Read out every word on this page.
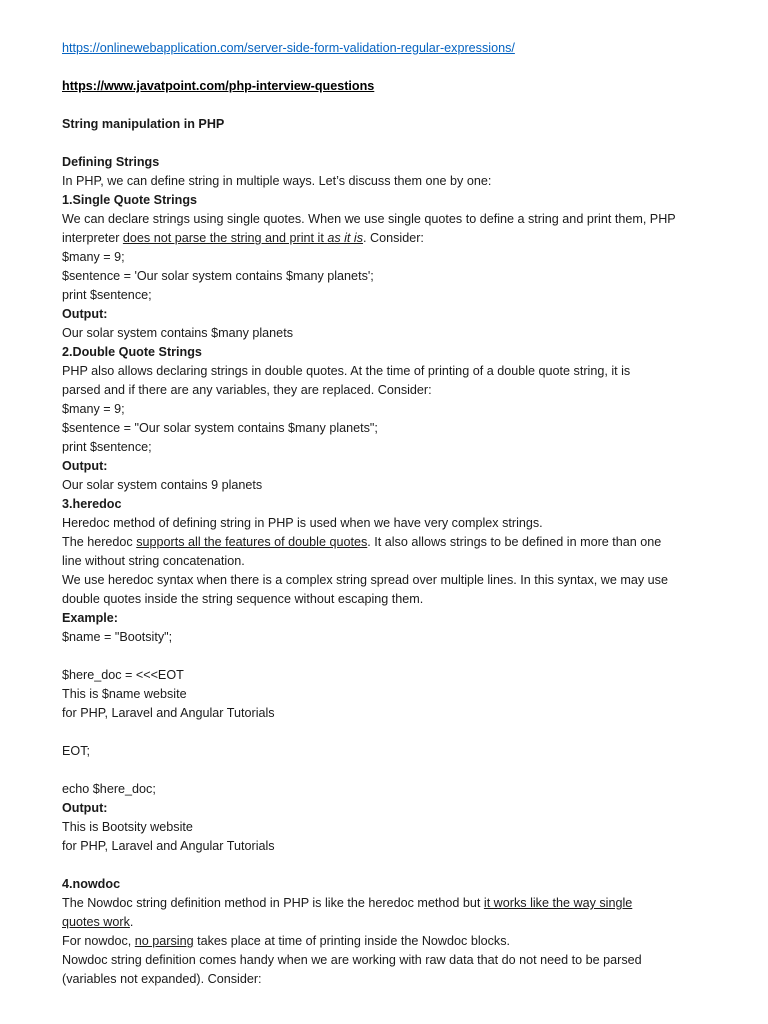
https://onlinewebapplication.com/server-side-form-validation-regular-expressions/
https://www.javatpoint.com/php-interview-questions
String manipulation in PHP
Defining Strings
In PHP, we can define string in multiple ways. Let’s discuss them one by one:
1.Single Quote Strings
We can declare strings using single quotes. When we use single quotes to define a string and print them, PHP
interpreter does not parse the string and print it as it is. Consider:
$many = 9;
$sentence = 'Our solar system contains $many planets';
print $sentence;
Output:
Our solar system contains $many planets
2.Double Quote Strings
PHP also allows declaring strings in double quotes. At the time of printing of a double quote string, it is
parsed and if there are any variables, they are replaced. Consider:
$many = 9;
$sentence = "Our solar system contains $many planets";
print $sentence;
Output:
Our solar system contains 9 planets
3.heredoc
Heredoc method of defining string in PHP is used when we have very complex strings.
The heredoc supports all the features of double quotes. It also allows strings to be defined in more than one
line without string concatenation.
We use heredoc syntax when there is a complex string spread over multiple lines. In this syntax, we may use
double quotes inside the string sequence without escaping them.
Example:
$name = "Bootsity";
$here_doc = <<<EOT
This is $name website
for PHP, Laravel and Angular Tutorials
EOT;
echo $here_doc;
Output:
This is Bootsity website
for PHP, Laravel and Angular Tutorials
4.nowdoc
The Nowdoc string definition method in PHP is like the heredoc method but it works like the way single
quotes work.
For nowdoc, no parsing takes place at time of printing inside the Nowdoc blocks.
Nowdoc string definition comes handy when we are working with raw data that do not need to be parsed
(variables not expanded). Consider:
